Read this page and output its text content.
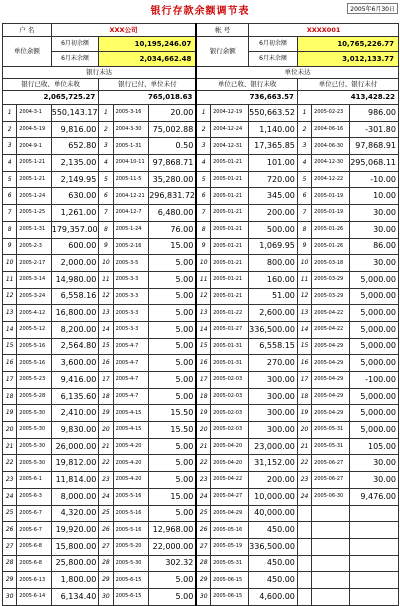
银行存款余额调节表	2005年6月30日
户 名		XXX公司				帐 号		XXXX001			
单位余额		6月初余额	10,195,246.07			银行余额		6月初余额	10,765,226.77		
		6月末余额	2,034,662.48					6月末余额	3,012,133.77		
银行未达						单位未达					
银行已收、单位未收			银行已付、单位未付			单位已收、银行未收			单位已付、银行未付		
2,065,725.27			765,018.63			736,663.57			413,428.22		
1	2004-3-1	550,143.17	1	2005-3-16	20.00	1	2004-12-19	550,663.52	1	2005-02-23	986.00
2	2004-5-19	9,816.00	2	2004-3-30	75,002.88	2	2004-12-24	1,140.00	2	2004-06-16	-301.80
3	2004-9-1	652.80	3	2005-1-31	0.50	3	2004-12-31	17,365.85	3	2004-06-30	97,868.91
4	2005-1-21	2,135.00	4	2004-10-11	97,868.71	4	2005-01-21	101.00	4	2004-12-30	295,068.11
5	2005-1-21	2,149.95	5	2005-11-5	35,280.00	5	2005-01-21	720.00	5	2004-12-22	-10.00
6	2005-1-24	630.00	6	2004-12-21	296,831.72	6	2005-01-21	345.00	6	2005-01-19	10.00
7	2005-1-25	1,261.00	7	2004-12-7	6,480.00	7	2005-01-21	200.00	7	2005-01-19	30.00
8	2005-1-31	179,357.00	8	2005-1-24	76.00	8	2005-01-21	500.00	8	2005-01-26	30.00
9	2005-2-3	600.00	9	2005-2-16	15.00	9	2005-01-21	1,069.95	9	2005-01-26	86.00
10	2005-2-17	2,000.00	10	2005-3-5	5.00	10	2005-01-21	800.00	10	2005-03-18	30.00
11	2005-3-14	14,980.00	11	2005-3-3	5.00	11	2005-01-21	160.00	11	2005-03-29	5,000.00
12	2005-3-24	6,558.16	12	2005-3-3	5.00	12	2005-01-21	51.00	12	2005-03-29	5,000.00
13	2005-4-12	16,800.00	13	2005-3-3	5.00	13	2005-01-22	2,600.00	13	2005-04-22	5,000.00
14	2005-5-12	8,200.00	14	2005-3-3	5.00	14	2005-01-27	336,500.00	14	2005-04-22	5,000.00
15	2005-5-16	2,564.80	15	2005-4-7	5.00	15	2005-01-31	6,558.15	15	2005-04-29	5,000.00
16	2005-5-16	3,600.00	16	2005-4-7	5.00	16	2005-01-31	270.00	16	2005-04-29	5,000.00
17	2005-5-23	9,416.00	17	2005-4-7	5.00	17	2005-02-03	300.00	17	2005-04-29	-100.00
18	2005-5-28	6,135.60	18	2005-4-7	5.00	18	2005-02-03	300.00	18	2005-04-29	5,000.00
19	2005-5-30	2,410.00	19	2005-4-15	15.50	19	2005-02-03	300.00	19	2005-04-29	5,000.00
20	2005-5-30	9,830.00	20	2005-4-15	15.50	20	2005-02-03	300.00	20	2005-05-31	5,000.00
21	2005-5-30	26,000.00	21	2005-4-20	5.00	21	2005-04-20	23,000.00	21	2005-05-31	105.00
22	2005-5-30	19,812.00	22	2005-4-20	5.00	22	2005-04-20	31,152.00	22	2005-06-27	30.00
23	2005-6-1	11,814.00	23	2005-4-20	5.00	23	2005-04-22	200.00	23	2005-06-27	30.00
24	2005-6-3	8,000.00	24	2005-5-16	15.00	24	2005-04-27	10,000.00	24	2005-06-30	9,476.00
25	2005-6-7	4,320.00	25	2005-5-16	5.00	25	2005-04-29	40,000.00			
26	2005-6-7	19,920.00	26	2005-5-16	12,968.00	26	2005-05-16	450.00			
27	2005-6-8	15,800.00	27	2005-5-20	22,000.00	27	2005-05-19	336,500.00			
28	2005-6-8	25,800.00	28	2005-5-30	302.32	28	2005-05-31	450.00			
29	2005-6-13	1,800.00	29	2005-6-15	5.00	29	2005-06-15	450.00			
30	2005-6-14	6,134.40	30	2005-6-15	5.00	30	2005-06-15	4,600.00			
